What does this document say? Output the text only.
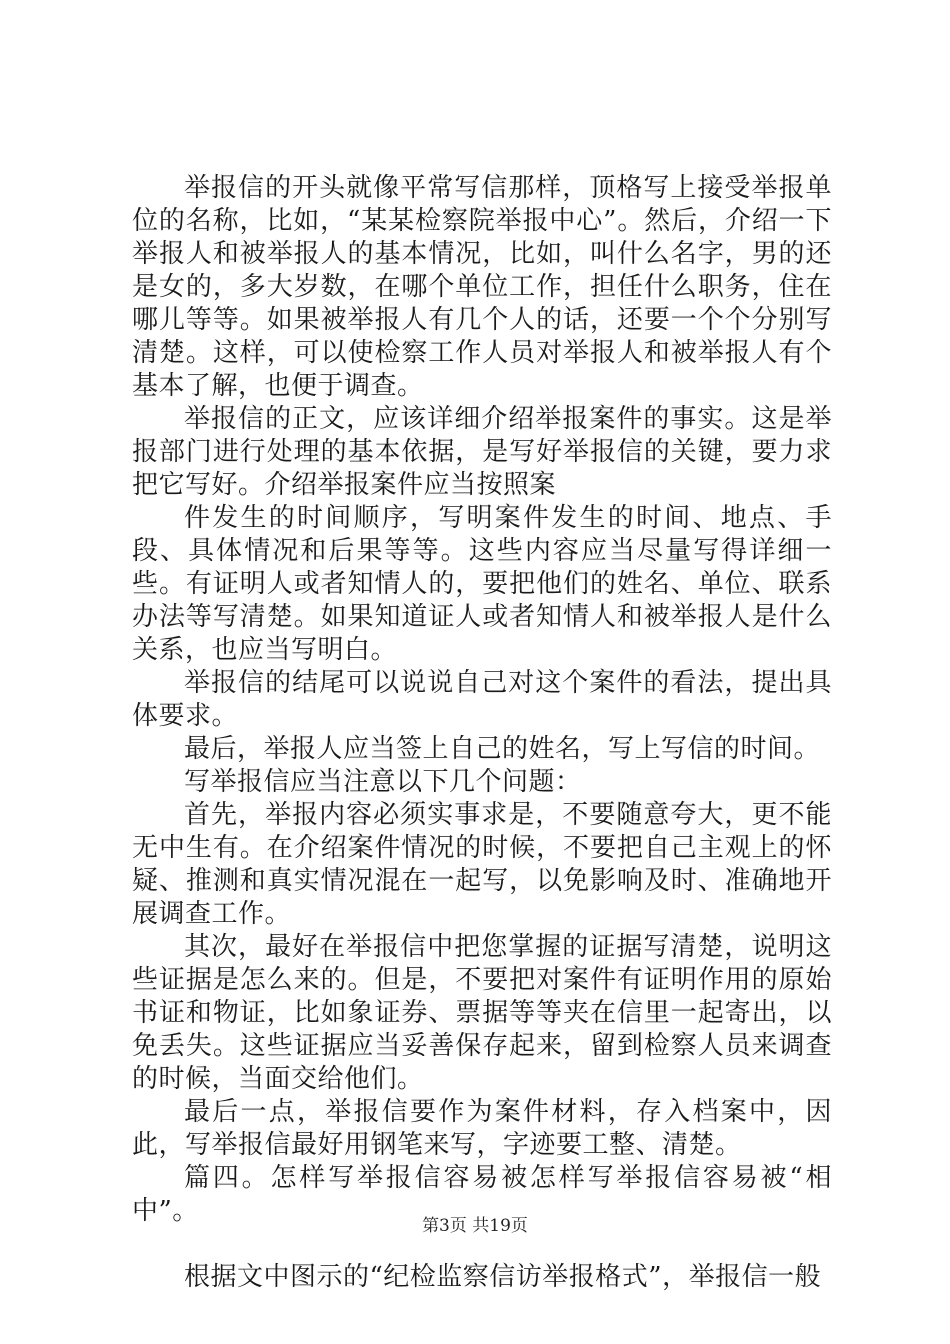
举报信的开头就像平常写信那样，顶格写上接受举报单位的名称，比如，“某某检察院举报中心”。然后，介绍一下举报人和被举报人的基本情况，比如，叫什么名字，男的还是女的，多大岁数，在哪个单位工作，担任什么职务，住在哪儿等等。如果被举报人有几个人的话，还要一个个分别写清楚。这样，可以使检察工作人员对举报人和被举报人有个基本了解，也便于调查。

举报信的正文，应该详细介绍举报案件的事实。这是举报部门进行处理的基本依据，是写好举报信的关键，要力求把它写好。介绍举报案件应当按照案

件发生的时间顺序，写明案件发生的时间、地点、手段、具体情况和后果等等。这些内容应当尽量写得详细一些。有证明人或者知情人的，要把他们的姓名、单位、联系办法等写清楚。如果知道证人或者知情人和被举报人是什么关系，也应当写明白。

举报信的结尾可以说说自己对这个案件的看法，提出具体要求。

最后，举报人应当签上自己的姓名，写上写信的时间。

写举报信应当注意以下几个问题：

首先，举报内容必须实事求是，不要随意夸大，更不能无中生有。在介绍案件情况的时候，不要把自己主观上的怀疑、推测和真实情况混在一起写，以免影响及时、准确地开展调查工作。

其次，最好在举报信中把您掌握的证据写清楚，说明这些证据是怎么来的。但是，不要把对案件有证明作用的原始书证和物证，比如象证券、票据等等夹在信里一起寄出，以免丢失。这些证据应当妥善保存起来，留到检察人员来调查的时候，当面交给他们。

最后一点，举报信要作为案件材料，存入档案中，因此，写举报信最好用钢笔来写，字迹要工整、清楚。

篇四。怎样写举报信容易被怎样写举报信容易被“相中”。

根据文中图示的“纪检监察信访举报格式”，举报信一般

第3页 共19页
